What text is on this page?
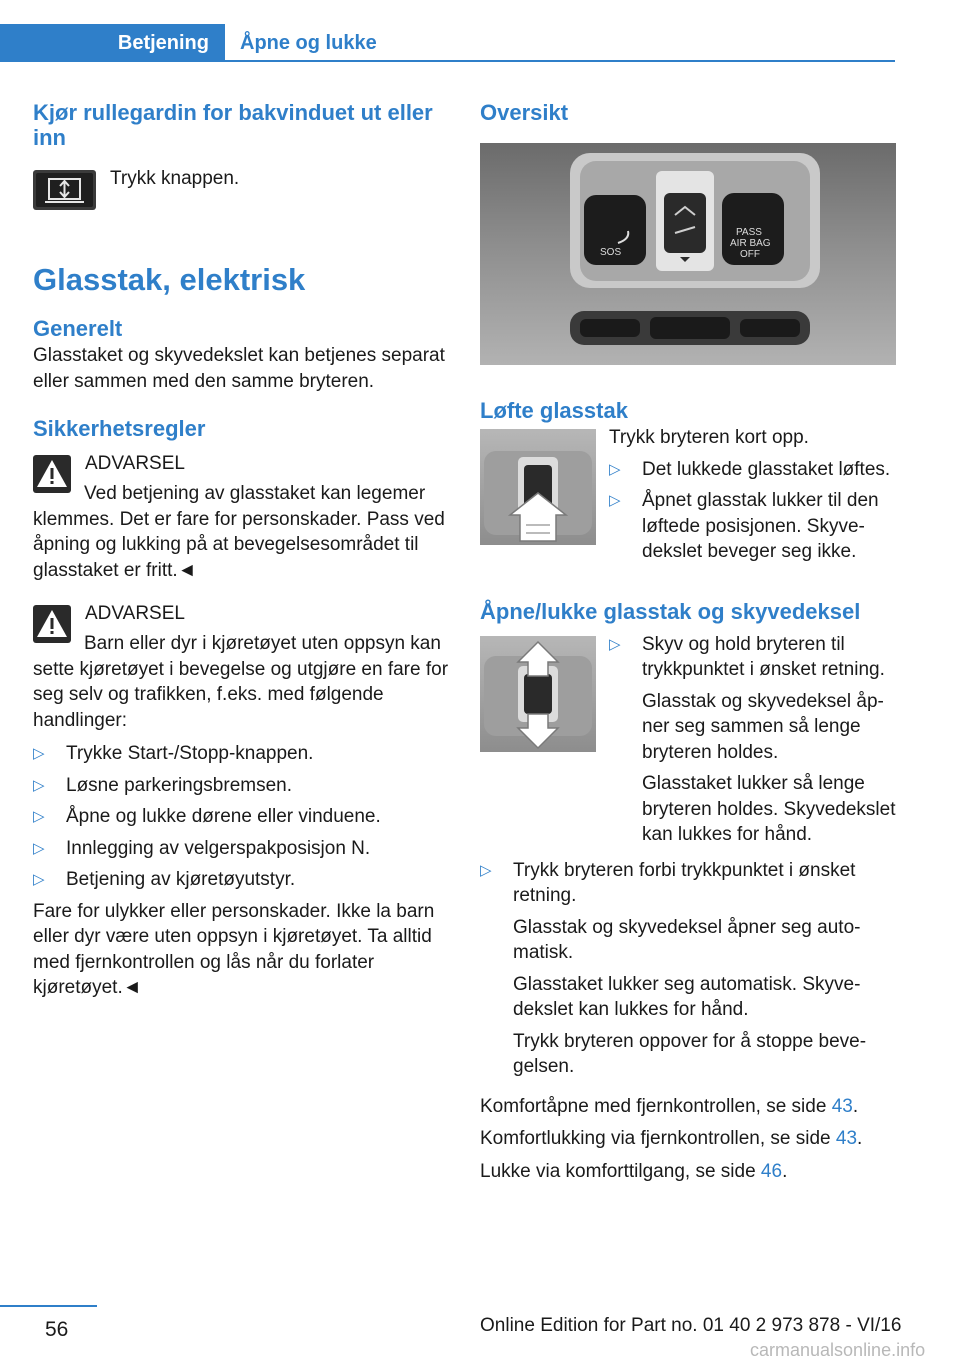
Betjening	Åpne og lukke
Kjør rullegardin for bakvinduet ut eller inn
Trykk knappen.
Glasstak, elektrisk
Generelt

Glasstaket og skyvedekslet kan betjenes separat eller sammen med den samme bryteren.

Sikkerhetsregler
ADVARSEL

Ved betjening av glasstaket kan legemer klemmes. Det er fare for personskader. Pass ved åpning og lukking på at bevegelsesområdet til glasstaket er fritt.◄

ADVARSEL

Barn eller dyr i kjøretøyet uten oppsyn kan sette kjøretøyet i bevegelse og utgjøre en fare for seg selv og trafikken, f.eks. med følgende handlinger:

▷ Trykke Start-/Stopp-knappen.
▷ Løsne parkeringsbremsen.
▷ Åpne og lukke dørene eller vinduene.
▷ Innlegging av velgerspakposisjon N.
▷ Betjening av kjøretøyutstyr.

Fare for ulykker eller personskader. Ikke la barn eller dyr være uten oppsyn i kjøretøyet. Ta alltid med fjernkontrollen og lås når du forlater kjøretøyet.◄

Oversikt
SOS
PASS
AIR BAG
OFF
Løfte glasstak

Trykk bryteren kort opp.

▷ Det lukkede glasstaket løftes.
▷ Åpnet glasstak lukker til den løftede posisjonen. Skyvedekslet beveger seg ikke.
Åpne/lukke glasstak og skyvedeksel
▷ Skyv og hold bryteren til trykkpunktet i ønsket retning.
Glasstak og skyvedeksel åpner seg sammen så lenge bryteren holdes.
Glasstaket lukker så lenge bryteren holdes. Skyvedekslet kan lukkes for hånd.
▷ Trykk bryteren forbi trykkpunktet i ønsket retning.
Glasstak og skyvedeksel åpner seg automatisk.
Glasstaket lukker seg automatisk. Skyvedekslet kan lukkes for hånd.
Trykk bryteren oppover for å stoppe bevegelsen.

Komfortåpne med fjernkontrollen, se side 43.

Komfortlukking via fjernkontrollen, se side 43.

Lukke via komforttilgang, se side 46.

56	Online Edition for Part no. 01 40 2 973 878 - VI/16
carmanualsonline.info
